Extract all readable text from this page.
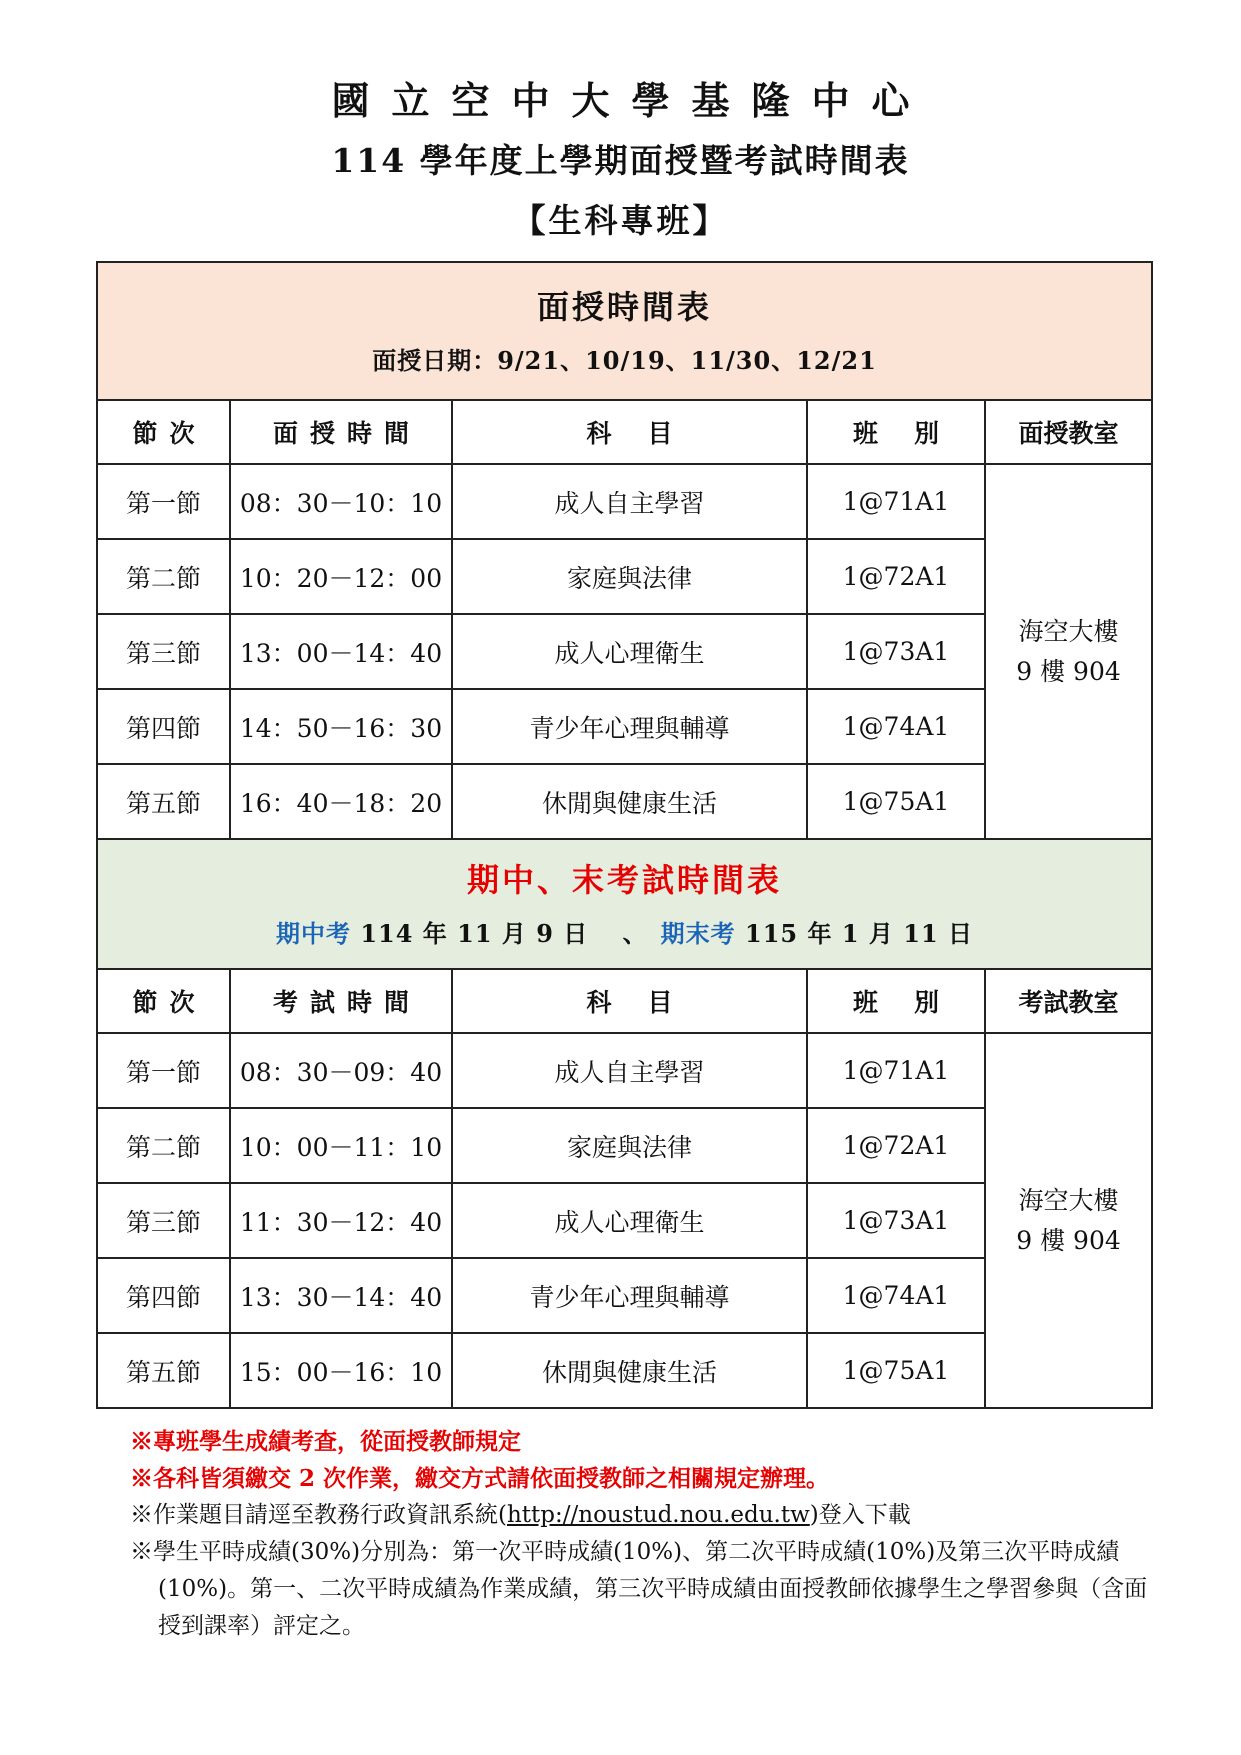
國立空中大學基隆中心
114 學年度上學期面授暨考試時間表
【生科專班】
面授時間表
面授日期：9/21、10/19、11/30、12/21				

節次	面授時間	科目	班別	面授教室
第一節	08：30－10：10	成人自主學習	1@71A1	海空大樓
9 樓 904

第二節	10：20－12：00	家庭與法律	1@72A1	
第三節	13：00－14：40	成人心理衛生	1@73A1	
第四節	14：50－16：30	青少年心理與輔導	1@74A1	
第五節	16：40－18：20	休閒與健康生活	1@75A1	

期中、末考試時間表
期中考 114 年 11 月 9 日 　、　期末考 115 年 1 月 11 日				

節次	考試時間	科目	班別	考試教室
第一節	08：30－09：40	成人自主學習	1@71A1	海空大樓
9 樓 904

第二節	10：00－11：10	家庭與法律	1@72A1	
第三節	11：30－12：40	成人心理衛生	1@73A1	
第四節	13：30－14：40	青少年心理與輔導	1@74A1	
第五節	15：00－16：10	休閒與健康生活	1@75A1	
※專班學生成績考查，從面授教師規定
※各科皆須繳交 2 次作業，繳交方式請依面授教師之相關規定辦理。
※作業題目請逕至教務行政資訊系統(http://noustud.nou.edu.tw)登入下載
※學生平時成績(30%)分別為：第一次平時成績(10%)、第二次平時成績(10%)及第三次平時成績(10%)。第一、二次平時成績為作業成績，第三次平時成績由面授教師依據學生之學習參與（含面授到課率）評定之。
